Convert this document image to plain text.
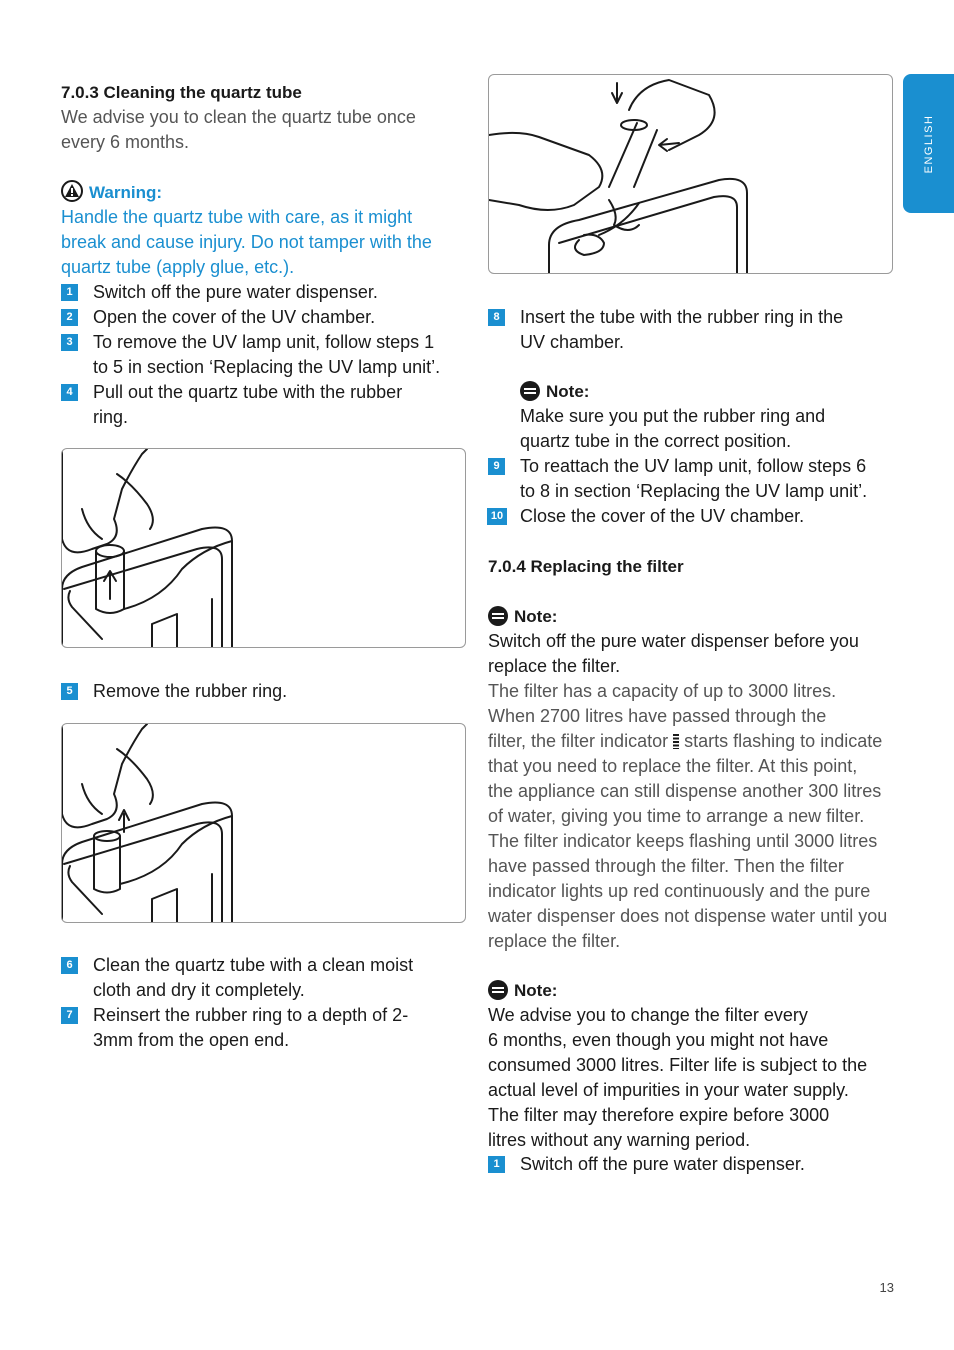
ENGLISH
7.0.3 Cleaning the quartz tube
We advise you to clean the quartz tube once
every 6 months.
Warning:
Handle the quartz tube with care, as it might
break and cause injury. Do not tamper with the
quartz tube (apply glue, etc.).
1	Switch off the pure water dispenser.
2	Open the cover of the UV chamber.
3	To remove the UV lamp unit, follow steps 1
to 5 in section ‘Replacing the UV lamp unit’.
4	Pull out the quartz tube with the rubber
ring.
5	Remove the rubber ring.
6	Clean the quartz tube with a clean moist
cloth and dry it completely.
7	Reinsert the rubber ring to a depth of 2-
3mm from the open end.
8	Insert the tube with the rubber ring in the
UV chamber.
Note:
Make sure you put the rubber ring and
quartz tube in the correct position.
9	To reattach the UV lamp unit, follow steps 6
to 8 in section ‘Replacing the UV lamp unit’.
10 Close the cover of the UV chamber.
7.0.4 Replacing the filter
Note:
Switch off the pure water dispenser before you
replace the filter.
The filter has a capacity of up to 3000 litres.
When 2700 litres have passed through the
filter, the filter indicator starts flashing to indicate
that you need to replace the filter. At this point,
the appliance can still dispense another 300 litres
of water, giving you time to arrange a new filter.
The filter indicator keeps flashing until 3000 litres
have passed through the filter. Then the filter
indicator lights up red continuously and the pure
water dispenser does not dispense water until you
replace the filter.
Note:
We advise you to change the filter every
6 months, even though you might not have
consumed 3000 litres. Filter life is subject to the
actual level of impurities in your water supply.
The filter may therefore expire before 3000
litres without any warning period.
1	Switch off the pure water dispenser.
13
